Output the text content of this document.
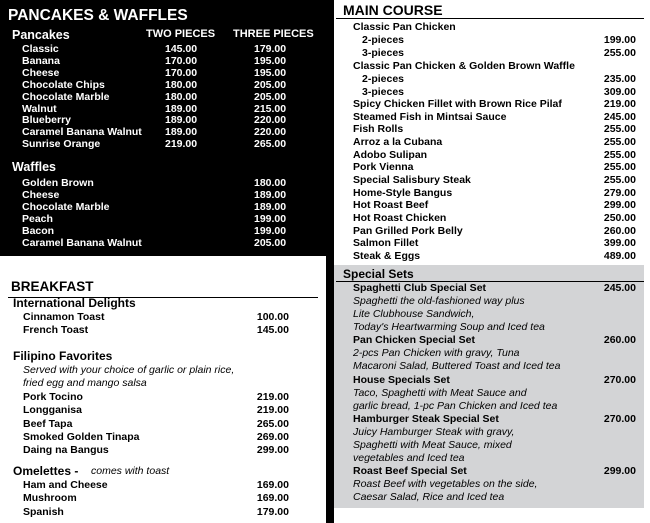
PANCAKES & WAFFLES
Pancakes	TWO PIECES THREE PIECES
Classic	145.00	179.00
Banana	170.00	195.00
Cheese	170.00	195.00
Chocolate Chips	180.00	205.00
Chocolate Marble	180.00	205.00
Walnut	189.00	215.00
Blueberry	189.00	220.00
Caramel Banana Walnut 189.00	220.00
Sunrise Orange	219.00	265.00
Waffles
Golden Brown	180.00
Cheese	189.00
Chocolate Marble	189.00
Peach	199.00
Bacon	199.00
Caramel Banana Walnut	205.00
BREAKFAST
International Delights
Cinnamon Toast	100.00
French Toast	145.00
Filipino Favorites
Served with your choice of garlic or plain rice,
fried egg and mango salsa
Pork Tocino	219.00
Longganisa	219.00
Beef Tapa	265.00
Smoked Golden Tinapa	269.00
Daing na Bangus	299.00
Omelettes - comes with toast
Ham and Cheese	169.00
Mushroom	169.00
Spanish	179.00
MAIN COURSE
Classic Pan Chicken
2-pieces	199.00
3-pieces	255.00
Classic Pan Chicken & Golden Brown Waffle
2-pieces	235.00
3-pieces	309.00
Spicy Chicken Fillet with Brown Rice Pilaf	219.00
Steamed Fish in Mintsai Sauce	245.00
Fish Rolls	255.00
Arroz a la Cubana	255.00
Adobo Sulipan	255.00
Pork Vienna	255.00
Special Salisbury Steak	255.00
Home-Style Bangus	279.00
Hot Roast Beef	299.00
Hot Roast Chicken	250.00
Pan Grilled Pork Belly	260.00
Salmon Fillet	399.00
Steak & Eggs	489.00
Special Sets
Spaghetti Club Special Set	245.00
Spaghetti the old-fashioned way plus
Lite Clubhouse Sandwich,
Today's Heartwarming Soup and Iced tea
Pan Chicken Special Set	260.00
2-pcs Pan Chicken with gravy, Tuna
Macaroni Salad, Buttered Toast and Iced tea
House Specials Set	270.00
Taco, Spaghetti with Meat Sauce and
garlic bread, 1-pc Pan Chicken and Iced tea
Hamburger Steak Special Set	270.00
Juicy Hamburger Steak with gravy,
Spaghetti with Meat Sauce, mixed
vegetables and Iced tea
Roast Beef Special Set	299.00
Roast Beef with vegetables on the side,
Caesar Salad, Rice and Iced tea
